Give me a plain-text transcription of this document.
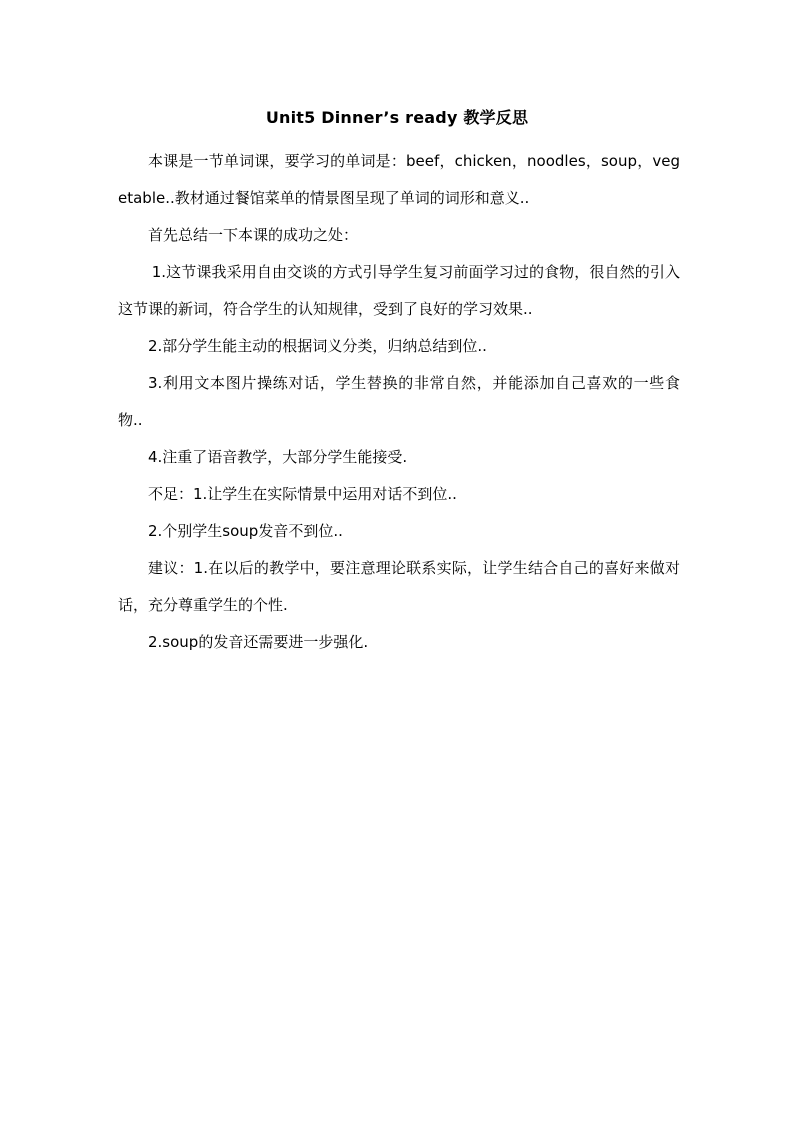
Unit5 Dinner’s ready 教学反思

本课是一节单词课，要学习的单词是：beef，chicken，noodles，soup，vegetable..教材通过餐馆菜单的情景图呈现了单词的词形和意义..

首先总结一下本课的成功之处：

1.这节课我采用自由交谈的方式引导学生复习前面学习过的食物，很自然的引入这节课的新词，符合学生的认知规律，受到了良好的学习效果..

2.部分学生能主动的根据词义分类，归纳总结到位..

3.利用文本图片操练对话，学生替换的非常自然，并能添加自己喜欢的一些食物..

4.注重了语音教学，大部分学生能接受.

不足：1.让学生在实际情景中运用对话不到位..

2.个别学生soup发音不到位..

建议：1.在以后的教学中，要注意理论联系实际，让学生结合自己的喜好来做对话，充分尊重学生的个性.

2.soup的发音还需要进一步强化.
